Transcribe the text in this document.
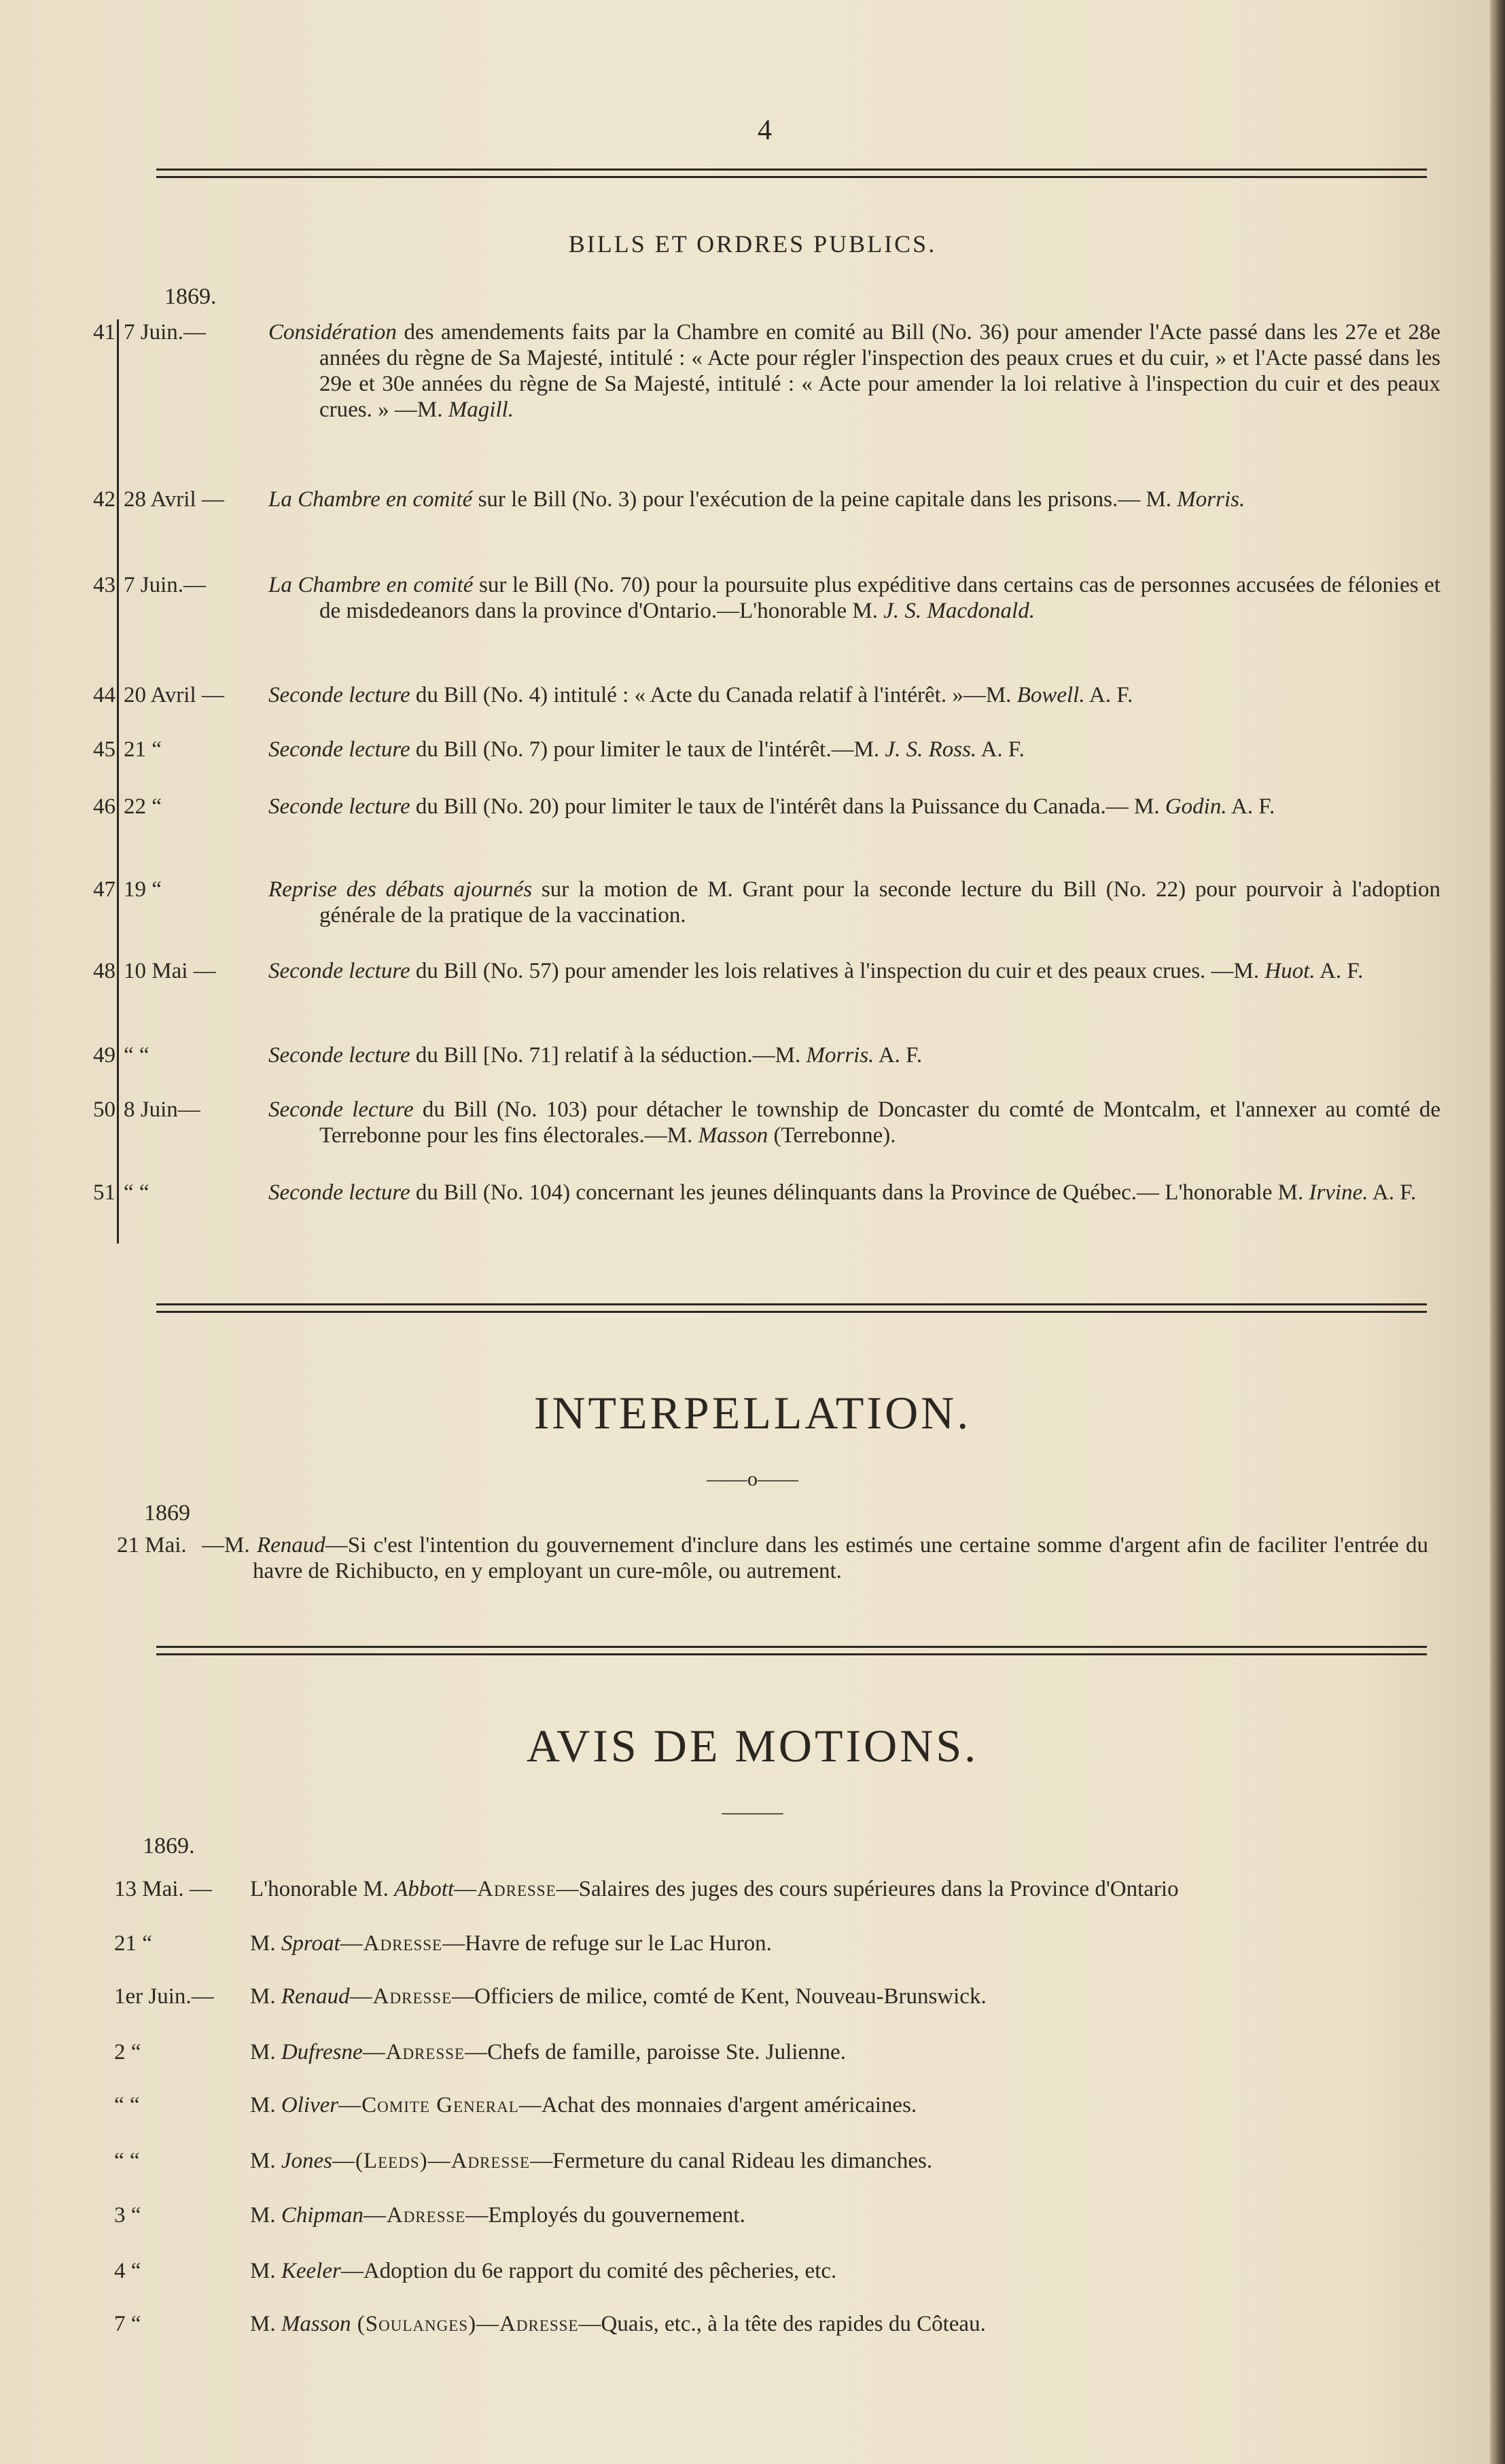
4
BILLS ET ORDRES PUBLICS.
1869.
41 7 Juin.—	Considération des amendements faits par la Chambre en comité au Bill (No. 36) pour amender l'Acte passé dans les 27e et 28e années du règne de Sa Majesté, intitulé : « Acte pour régler l'inspection des peaux crues et du cuir, » et l'Acte passé dans les 29e et 30e années du règne de Sa Majesté, intitulé : « Acte pour amender la loi relative à l'inspection du cuir et des peaux crues. » —M. Magill.
42 28 Avril — La Chambre en comité sur le Bill (No. 3) pour l'exécution de la peine capitale dans les prisons.— M. Morris.
43 7 Juin.—	La Chambre en comité sur le Bill (No. 70) pour la poursuite plus expéditive dans certains cas de personnes accusées de félonies et de misdedeanors dans la province d'Ontario.—L'honorable M. J. S. Macdonald.
44 20 Avril — Seconde lecture du Bill (No. 4) intitulé : « Acte du Canada relatif à l'intérêt. »—M. Bowell. A. F.
45 21 “	Seconde lecture du Bill (No. 7) pour limiter le taux de l'intérêt.—M. J. S. Ross. A. F.
46 22 “	Seconde lecture du Bill (No. 20) pour limiter le taux de l'intérêt dans la Puissance du Canada.— M. Godin. A. F.
47 19 “	Reprise des débats ajournés sur la motion de M. Grant pour la seconde lecture du Bill (No. 22) pour pourvoir à l'adoption générale de la pratique de la vaccination.
48 10 Mai — Seconde lecture du Bill (No. 57) pour amender les lois relatives à l'inspection du cuir et des peaux crues. —M. Huot. A. F.
49 “ “	Seconde lecture du Bill [No. 71] relatif à la séduction.—M. Morris. A. F.
50 8 Juin—	Seconde lecture du Bill (No. 103) pour détacher le township de Doncaster du comté de Montcalm, et l'annexer au comté de Terrebonne pour les fins électorales.—M. Masson (Terrebonne).
51 “ “	Seconde lecture du Bill (No. 104) concernant les jeunes délinquants dans la Province de Québec.— L'honorable M. Irvine. A. F.
INTERPELLATION.
——o——
1869
21 Mai. —M. Renaud—Si c'est l'intention du gouvernement d'inclure dans les estimés une certaine somme d'argent afin de faciliter l'entrée du havre de Richibucto, en y employant un cure-môle, ou autrement.
AVIS DE MOTIONS.
———
1869.
13 Mai. —	L'honorable M. Abbott—Adresse—Salaires des juges des cours supérieures dans la Province d'Ontario
21 “	M. Sproat—Adresse—Havre de refuge sur le Lac Huron.
1er Juin.—	M. Renaud—Adresse—Officiers de milice, comté de Kent, Nouveau-Brunswick.
2 “	M. Dufresne—Adresse—Chefs de famille, paroisse Ste. Julienne.
“ “	M. Oliver—Comite General—Achat des monnaies d'argent américaines.
“ “	M. Jones—(Leeds)—Adresse—Fermeture du canal Rideau les dimanches.
3 “	M. Chipman—Adresse—Employés du gouvernement.
4 “	M. Keeler—Adoption du 6e rapport du comité des pêcheries, etc.
7 “	M. Masson (Soulanges)—Adresse—Quais, etc., à la tête des rapides du Côteau.
